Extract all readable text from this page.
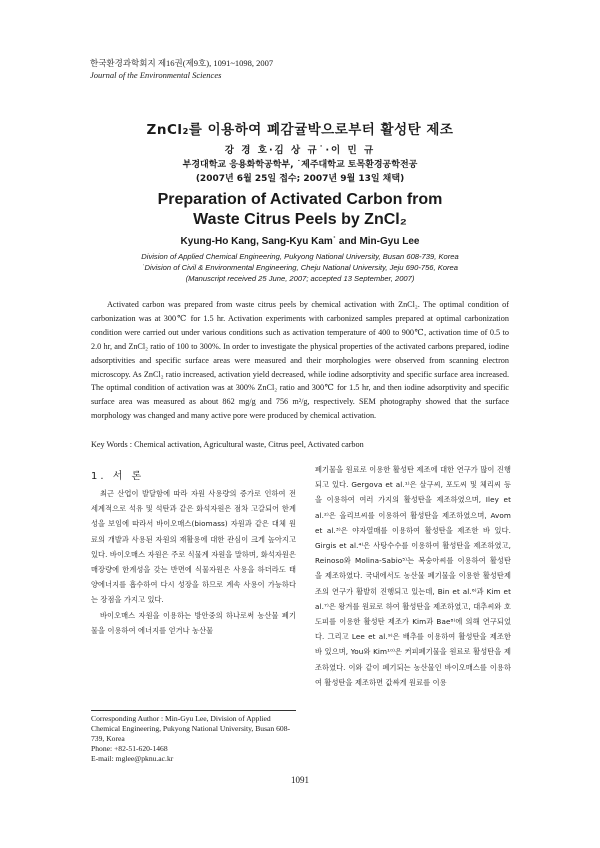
한국환경과학회지 제16권(제9호), 1091~1098, 2007
Journal of the Environmental Sciences
ZnCl₂를 이용하여 폐감귤박으로부터 활성탄 제조
강 경 호·김 상 규˙·이 민 규
부경대학교 응용화학공학부, ˙제주대학교 토목환경공학전공
(2007년 6월 25일 접수; 2007년 9월 13일 채택)
Preparation of Activated Carbon from
Waste Citrus Peels by ZnCl₂
Kyung-Ho Kang, Sang-Kyu Kam˙ and Min-Gyu Lee
Division of Applied Chemical Engineering, Pukyong National University, Busan 608-739, Korea
˙Division of Civil & Environmental Engineering, Cheju National University, Jeju 690-756, Korea
(Manuscript received 25 June, 2007; accepted 13 September, 2007)

Activated carbon was prepared from waste citrus peels by chemical activation with ZnCl₂. The optimal condition of carbonization was at 300℃ for 1.5 hr. Activation experiments with carbonized samples prepared at optimal carbonization condition were carried out under various conditions such as activation temperature of 400 to 900℃, activation time of 0.5 to 2.0 hr, and ZnCl₂ ratio of 100 to 300%. In order to investigate the physical properties of the activated carbons prepared, iodine adsorptivities and specific surface areas were measured and their morphologies were observed from scanning electron microscopy. As ZnCl₂ ratio increased, activation yield decreased, while iodine adsorptivity and specific surface area increased. The optimal condition of activation was at 300% ZnCl₂ ratio and 300℃ for 1.5 hr, and then iodine adsorptivity and specific surface area was measured as about 862 mg/g and 756 m²/g, respectively. SEM photography showed that the surface morphology was changed and many active pore were produced by chemical activation.

Key Words : Chemical activation, Agricultural waste, Citrus peel, Activated carbon
1. 서 론

최근 산업이 발달함에 따라 자원 사용량의 증가로 인하여 전 세계적으로 석유 및 석탄과 같은 화석자원은 점차 고갈되어 한계성을 보임에 따라서 바이오매스(biomass) 자원과 같은 대체 원료의 개발과 사용된 자원의 재활용에 대한 관심이 크게 높아지고 있다. 바이오매스 자원은 주로 식물계 자원을 말하며, 화석자원은 매장량에 한계성을 갖는 반면에 식물자원은 사용을 하더라도 태양에너지를 흡수하여 다시 성장을 하므로 계속 사용이 가능하다는 장점을 가지고 있다.

바이오매스 자원을 이용하는 방안중의 하나로써 농산물 폐기물을 이용하여 에너지를 얻거나 농산물

폐기물을 원료로 이용한 활성탄 제조에 대한 연구가 많이 진행되고 있다. Gergova et al.¹⁾은 살구씨, 포도씨 및 체리씨 등을 이용하여 여러 가지의 활성탄을 제조하였으며, Iley et al.²⁾은 올리브씨를 이용하여 활성탄을 제조하였으며, Avom et al.³⁾은 야자열매를 이용하여 활성탄을 제조한 바 있다. Girgis et al.⁴⁾은 사탕수수를 이용하여 활성탄을 제조하였고, Reinoso와 Molina-Sabio⁵⁾는 복숭아씨를 이용하여 활성탄을 제조하였다. 국내에서도 농산물 폐기물을 이용한 활성탄제조의 연구가 활발히 진행되고 있는데, Bin et al.⁶⁾과 Kim et al.⁷⁾은 왕겨를 원료로 하여 활성탄을 제조하였고, 대추씨와 호도피를 이용한 활성탄 제조가 Kim과 Bae⁸⁾에 의해 연구되었다. 그리고 Lee et al.⁹⁾은 배추를 이용하여 활성탄을 제조한 바 있으며, You와 Kim¹⁰⁾은 커피폐기물을 원료로 활성탄을 제조하였다. 이와 같이 폐기되는 농산물인 바이오매스를 이용하여 활성탄을 제조하면 값싸게 원료를 이용

Corresponding Author : Min-Gyu Lee, Division of Applied Chemical Engineering, Pukyong National University, Busan 608-739, Korea
Phone: +82-51-620-1468
E-mail: mglee@pknu.ac.kr
1091
